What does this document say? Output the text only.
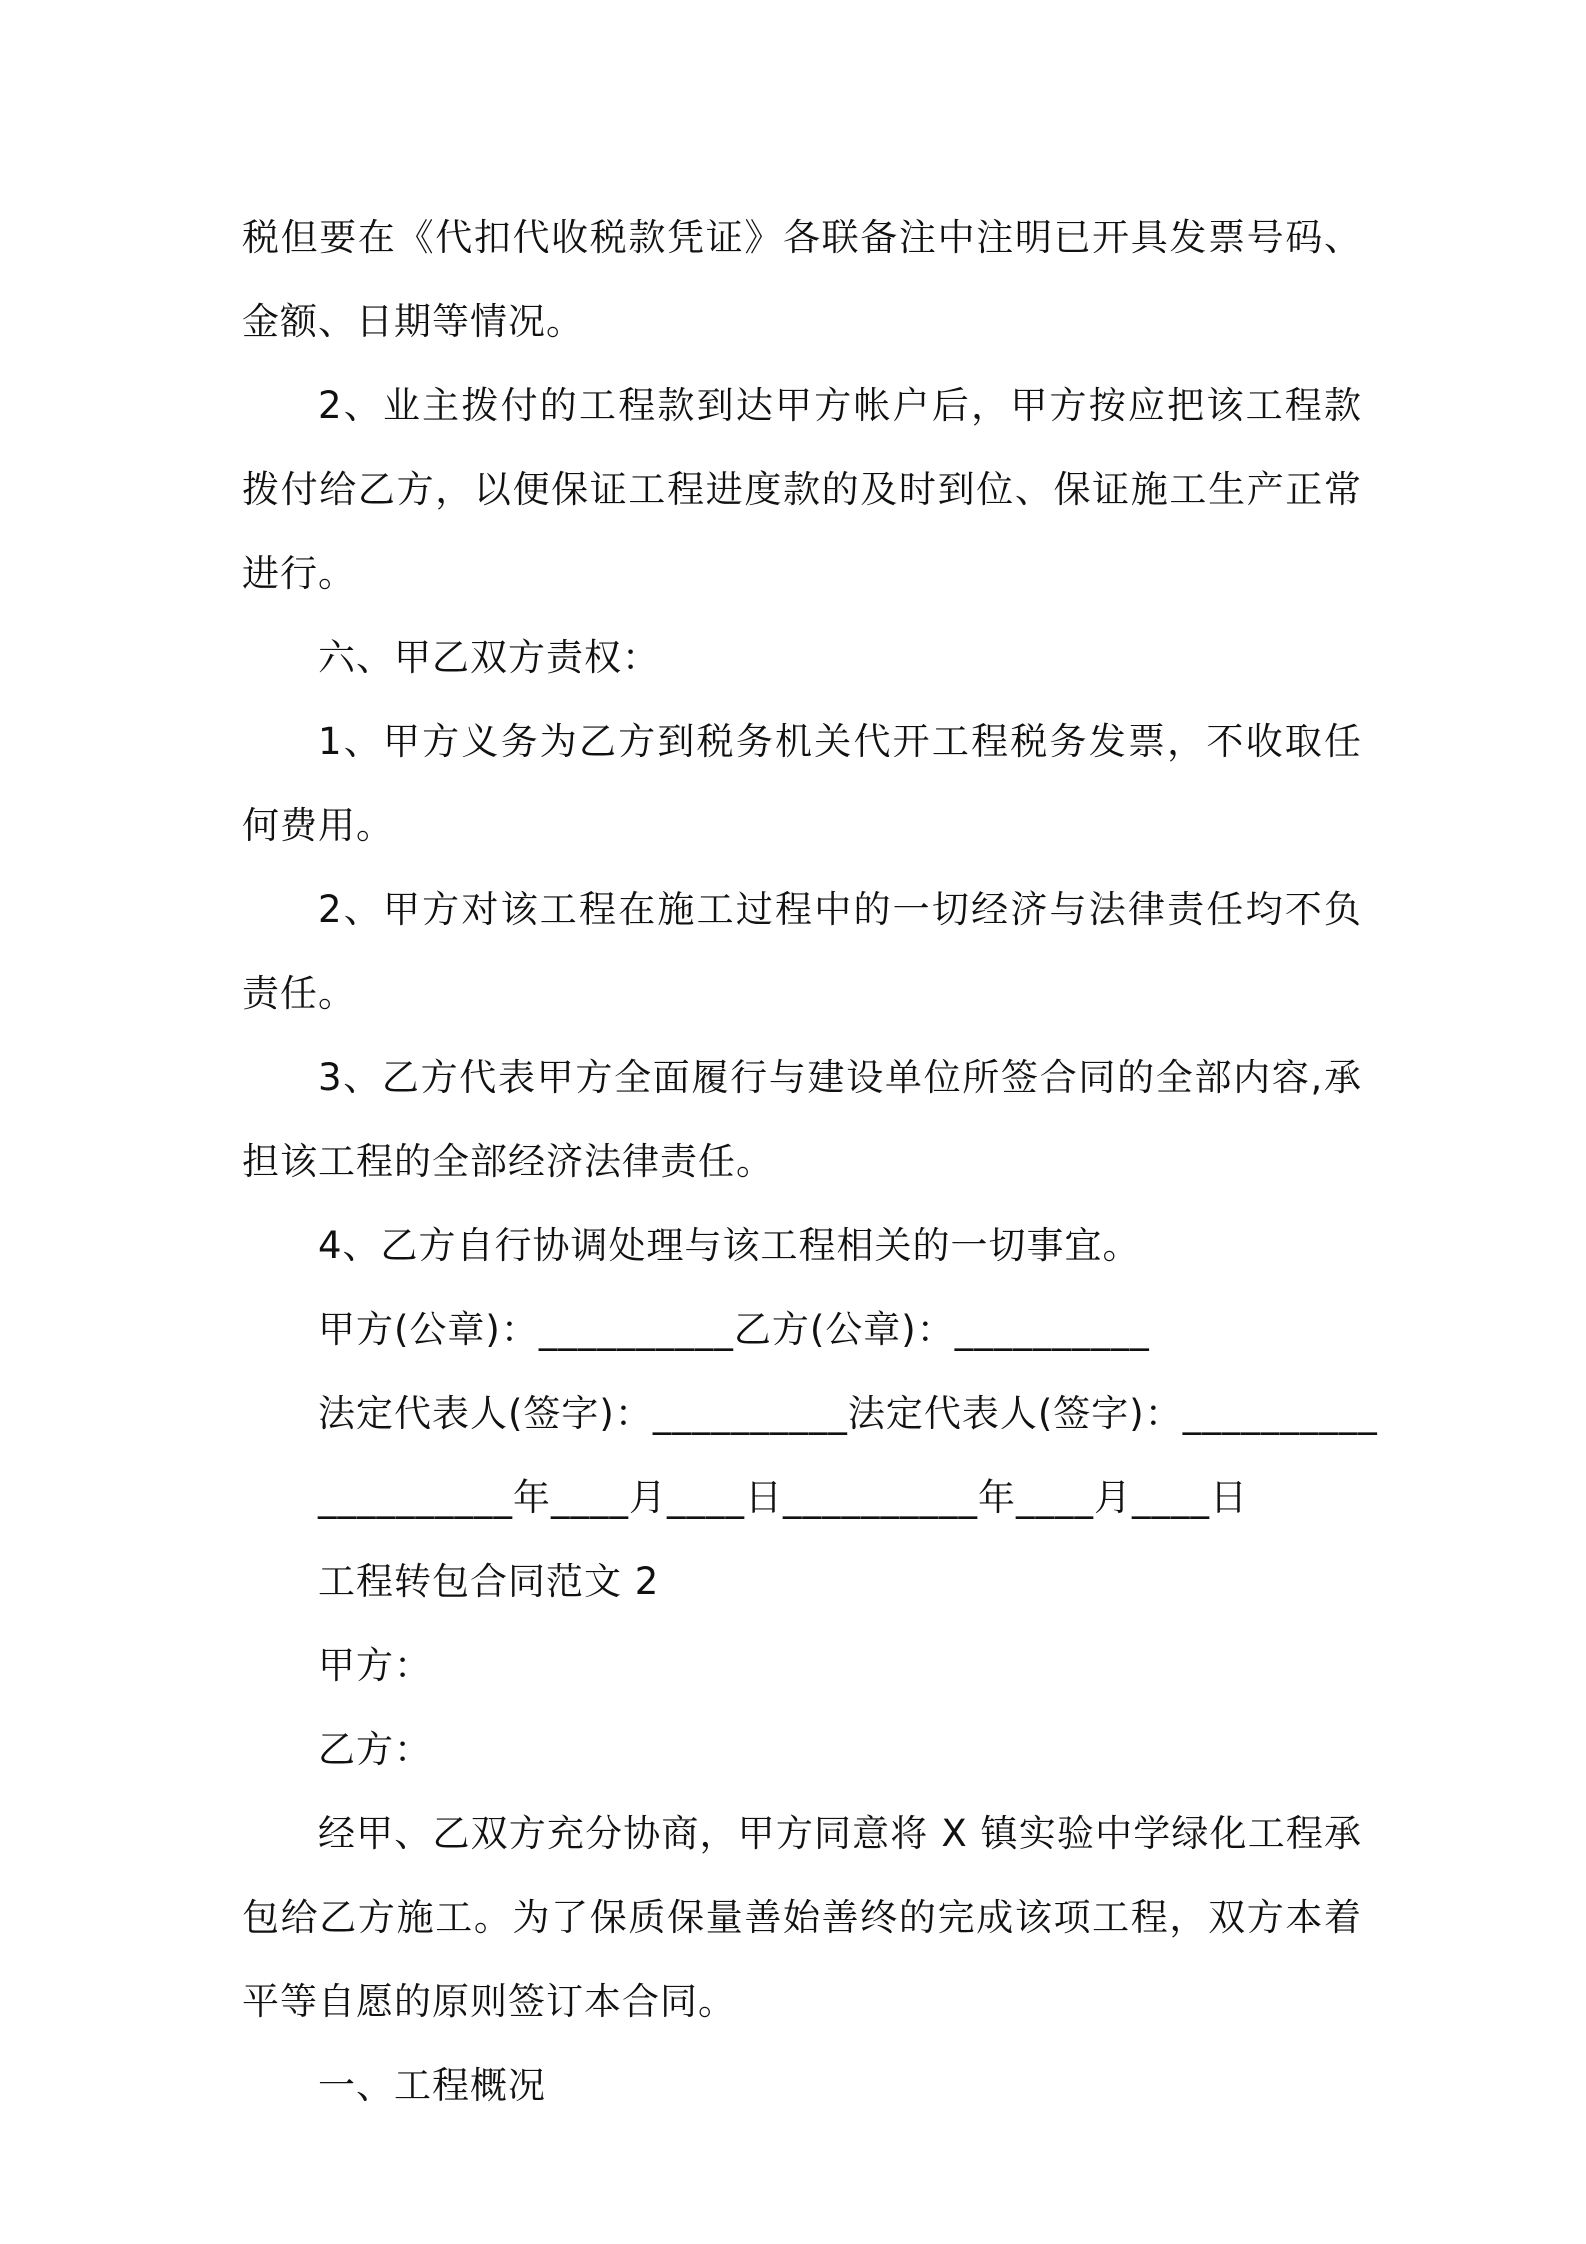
税但要在《代扣代收税款凭证》各联备注中注明已开具发票号码、金额、日期等情况。

2、业主拨付的工程款到达甲方帐户后，甲方按应把该工程款拨付给乙方，以便保证工程进度款的及时到位、保证施工生产正常进行。

六、甲乙双方责权：

1、甲方义务为乙方到税务机关代开工程税务发票，不收取任何费用。

2、甲方对该工程在施工过程中的一切经济与法律责任均不负责任。

3、乙方代表甲方全面履行与建设单位所签合同的全部内容,承担该工程的全部经济法律责任。

4、乙方自行协调处理与该工程相关的一切事宜。

甲方(公章)：__________乙方(公章)：__________

法定代表人(签字)：__________法定代表人(签字)：__________

__________年____月____日__________年____月____日

工程转包合同范文 2

甲方：

乙方：

经甲、乙双方充分协商，甲方同意将 X 镇实验中学绿化工程承包给乙方施工。为了保质保量善始善终的完成该项工程，双方本着平等自愿的原则签订本合同。

一、工程概况
